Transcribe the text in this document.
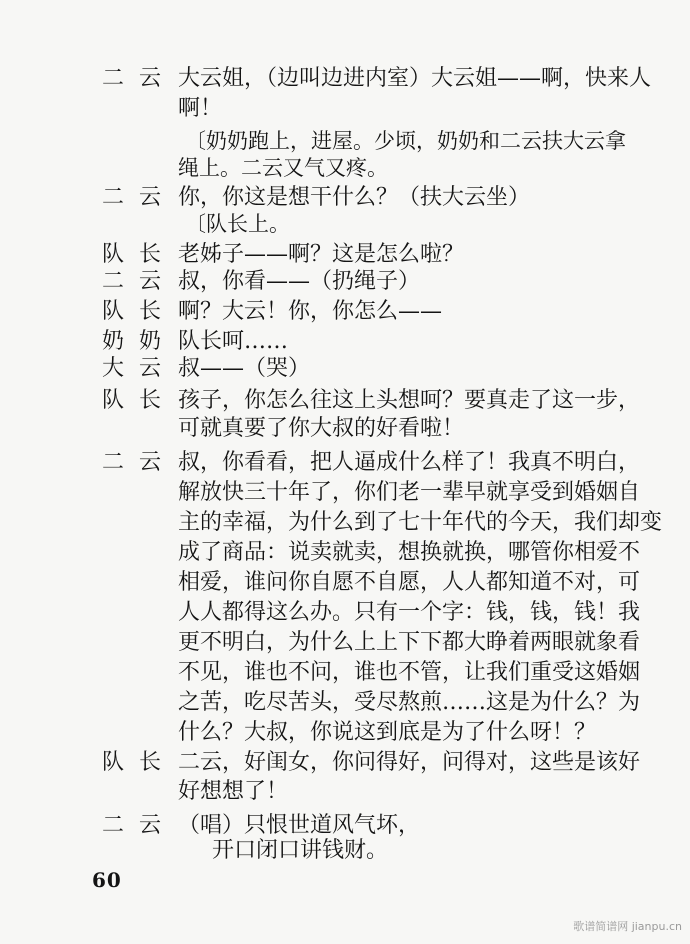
二 云 大云姐，（边叫边进内室）大云姐——啊，快来人
啊！
〔奶奶跑上，进屋。少顷，奶奶和二云扶大云拿
绳上。二云又气又疼。
二 云 你，你这是想干什么？（扶大云坐）
〔队长上。
队 长 老姊子——啊？这是怎么啦？
二 云 叔，你看——（扔绳子）
队 长 啊？大云！你，你怎么——
奶 奶 队长呵……
大 云 叔——（哭）
队 长 孩子，你怎么往这上头想呵？要真走了这一步，
可就真要了你大叔的好看啦！
二 云 叔，你看看，把人逼成什么样了！我真不明白，
解放快三十年了，你们老一辈早就享受到婚姻自
主的幸福，为什么到了七十年代的今天，我们却变
成了商品：说卖就卖，想换就换，哪管你相爱不
相爱，谁问你自愿不自愿，人人都知道不对，可
人人都得这么办。只有一个字：钱，钱，钱！我
更不明白，为什么上上下下都大睁着两眼就象看
不见，谁也不问，谁也不管，让我们重受这婚姻
之苦，吃尽苦头，受尽熬煎……这是为什么？为
什么？大叔，你说这到底是为了什么呀！？
队 长 二云，好闺女，你问得好，问得对，这些是该好
好想想了！
二 云 （唱）只恨世道风气坏，
开口闭口讲钱财。
60
歌谱简谱网 jianpu.cn
